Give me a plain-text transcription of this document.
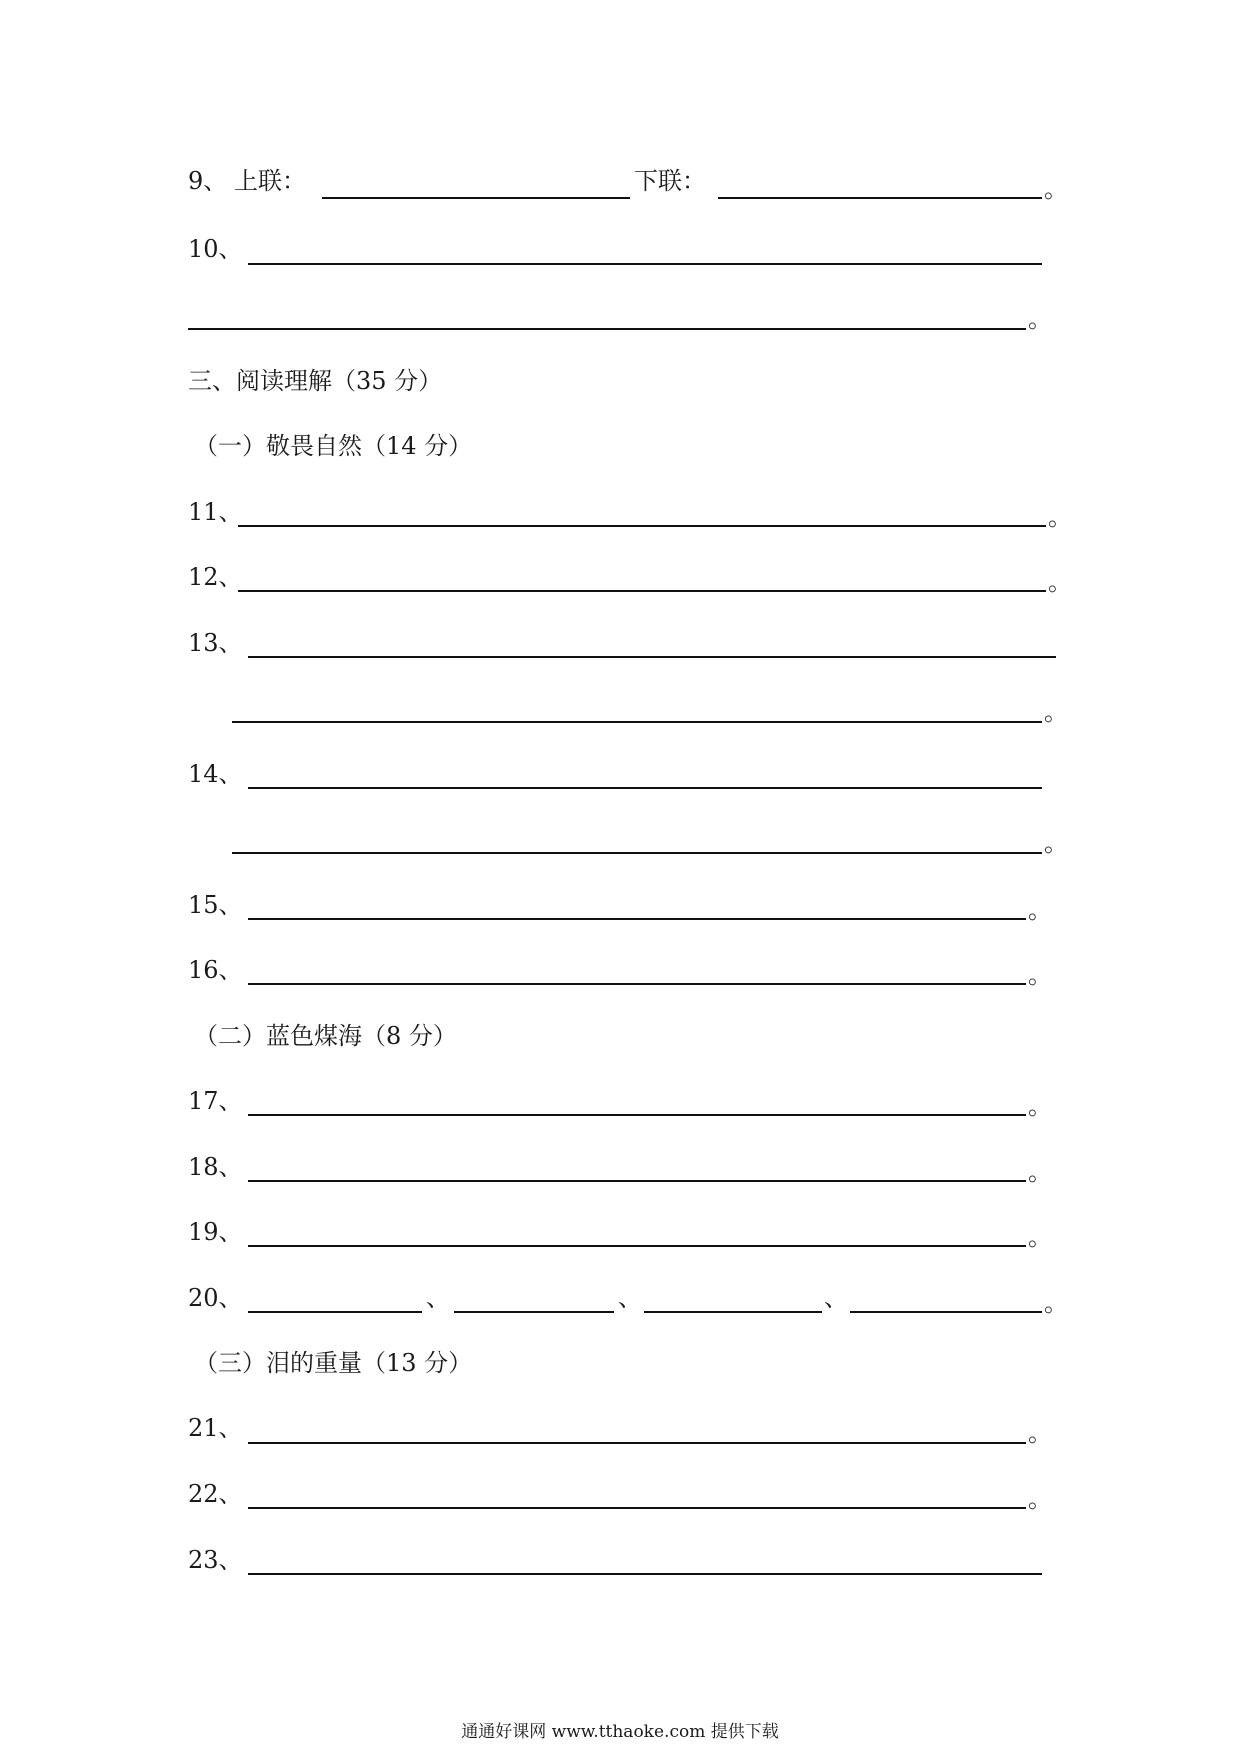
9、 上联：	下联：	。
10、
。
三、阅读理解（35 分）
（一）敬畏自然（14 分）
11、	。
12、	。
13、
。
14、
。
15、	。
16、	。
（二）蓝色煤海（8 分）
17、	。
18、	。
19、	。
20、	、	、	、	。
（三）泪的重量（13 分）
21、	。
22、	。
23、
通通好课网 www.tthaoke.com 提供下载
